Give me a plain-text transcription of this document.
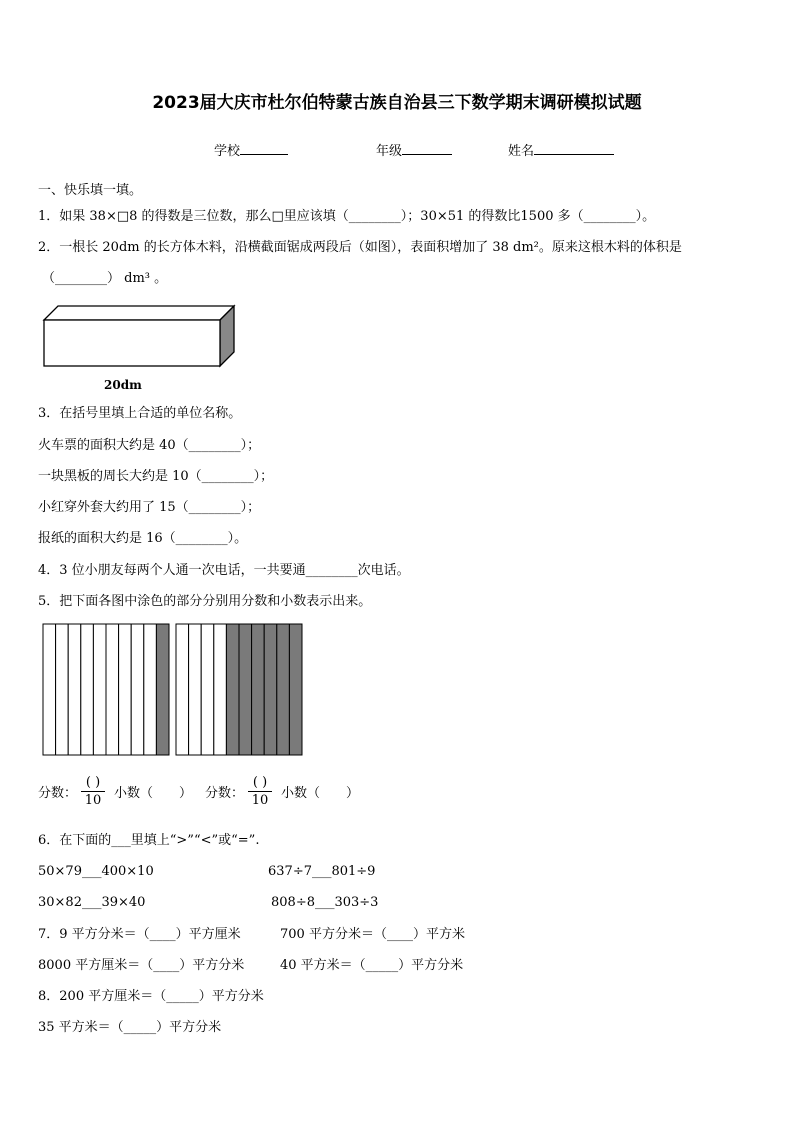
2023届大庆市杜尔伯特蒙古族自治县三下数学期末调研模拟试题
学校	年级	姓名
一、快乐填一填。
1．如果 38×□8 的得数是三位数，那么□里应该填（________）；30×51 的得数比1500 多（________）。
2．一根长 20dm 的长方体木料，沿横截面锯成两段后（如图），表面积增加了 38 dm²。原来这根木料的体积是
（________） dm³ 。
20dm
3．在括号里填上合适的单位名称。
火车票的面积大约是 40（________）；
一块黑板的周长大约是 10（________）；
小红穿外套大约用了 15（________）；
报纸的面积大约是 16（________）。
4．3 位小朋友每两个人通一次电话，一共要通________次电话。
5．把下面各图中涂色的部分分别用分数和小数表示出来。
分数：
( )
10 小数（　　） 分数：
( )
10 小数（　　）
6．在下面的___里填上“>”“<”或“=”.
50×79___400×10	637÷7___801÷9
30×82___39×40	808÷8___303÷3
7．9 平方分米＝（____）平方厘米	700 平方分米＝（____）平方米
8000 平方厘米＝（____）平方分米	40 平方米＝（_____）平方分米
8．200 平方厘米＝（_____）平方分米
35 平方米＝（_____）平方分米
